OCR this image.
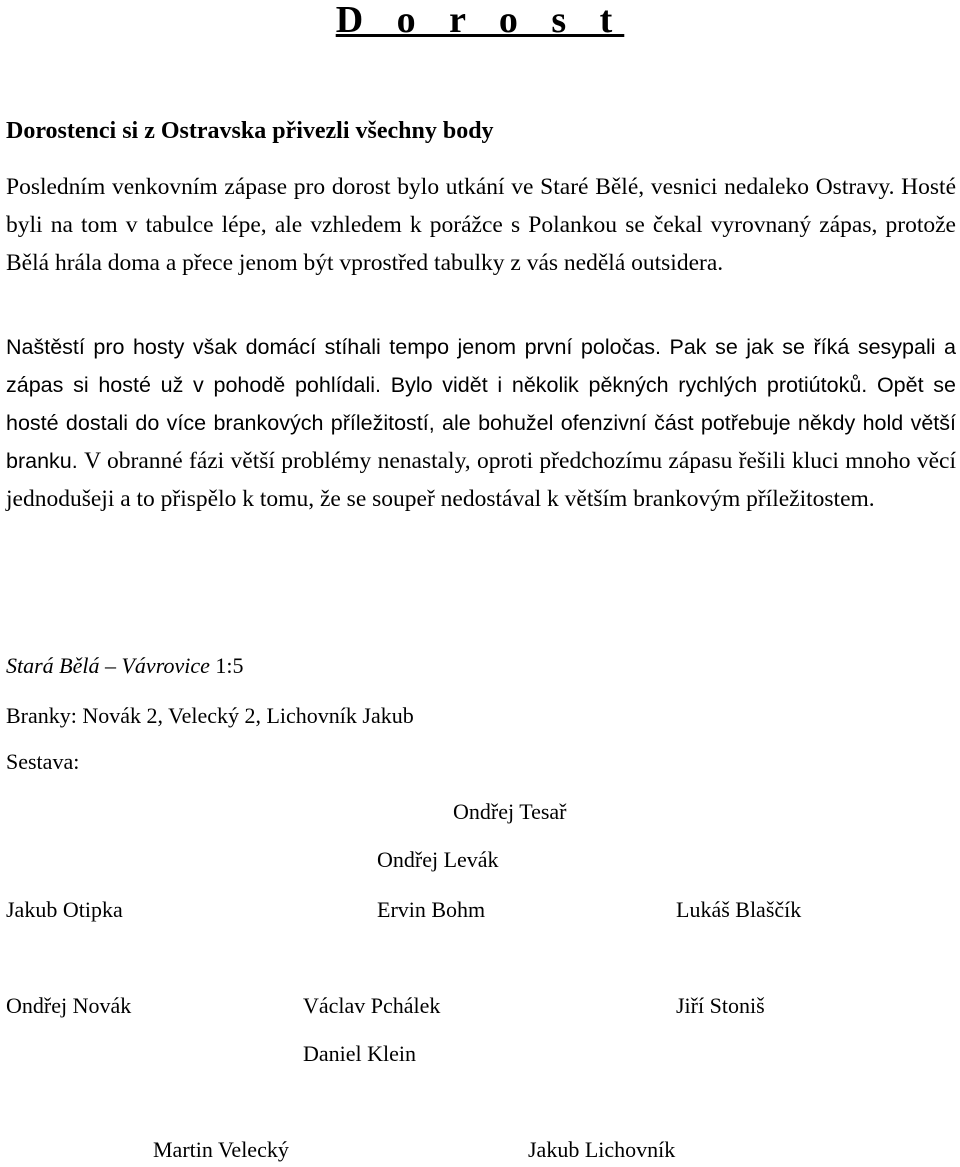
D o r o s t
Dorostenci si z Ostravska přivezli všechny body
Posledním venkovním zápase pro dorost bylo utkání ve Staré Bělé, vesnici nedaleko Ostravy. Hosté byli na tom v tabulce lépe, ale vzhledem k porážce s Polankou se čekal vyrovnaný zápas, protože Bělá hrála doma a přece jenom být vprostřed tabulky z vás nedělá outsidera.
Naštěstí pro hosty však domácí stíhali tempo jenom první poločas. Pak se jak se říká sesypali a zápas si hosté už v pohodě pohlídali. Bylo vidět i několik pěkných rychlých protiútoků. Opět se hosté dostali do více brankových příležitostí, ale bohužel ofenzivní část potřebuje někdy hold větší branku. V obranné fázi větší problémy nenastaly, oproti předchozímu zápasu řešili kluci mnoho věcí jednodušeji a to přispělo k tomu, že se soupeř nedostával k větším brankovým příležitostem.
Stará Bělá – Vávrovice 1:5
Branky: Novák 2, Velecký 2, Lichovník Jakub
Sestava:
Ondřej Tesař
Ondřej Levák
Jakub Otipka	Ervin Bohm	Lukáš Blaščík
Ondřej Novák	Václav Pchálek	Jiří Stoniš
Daniel Klein
Martin Velecký	Jakub Lichovník
